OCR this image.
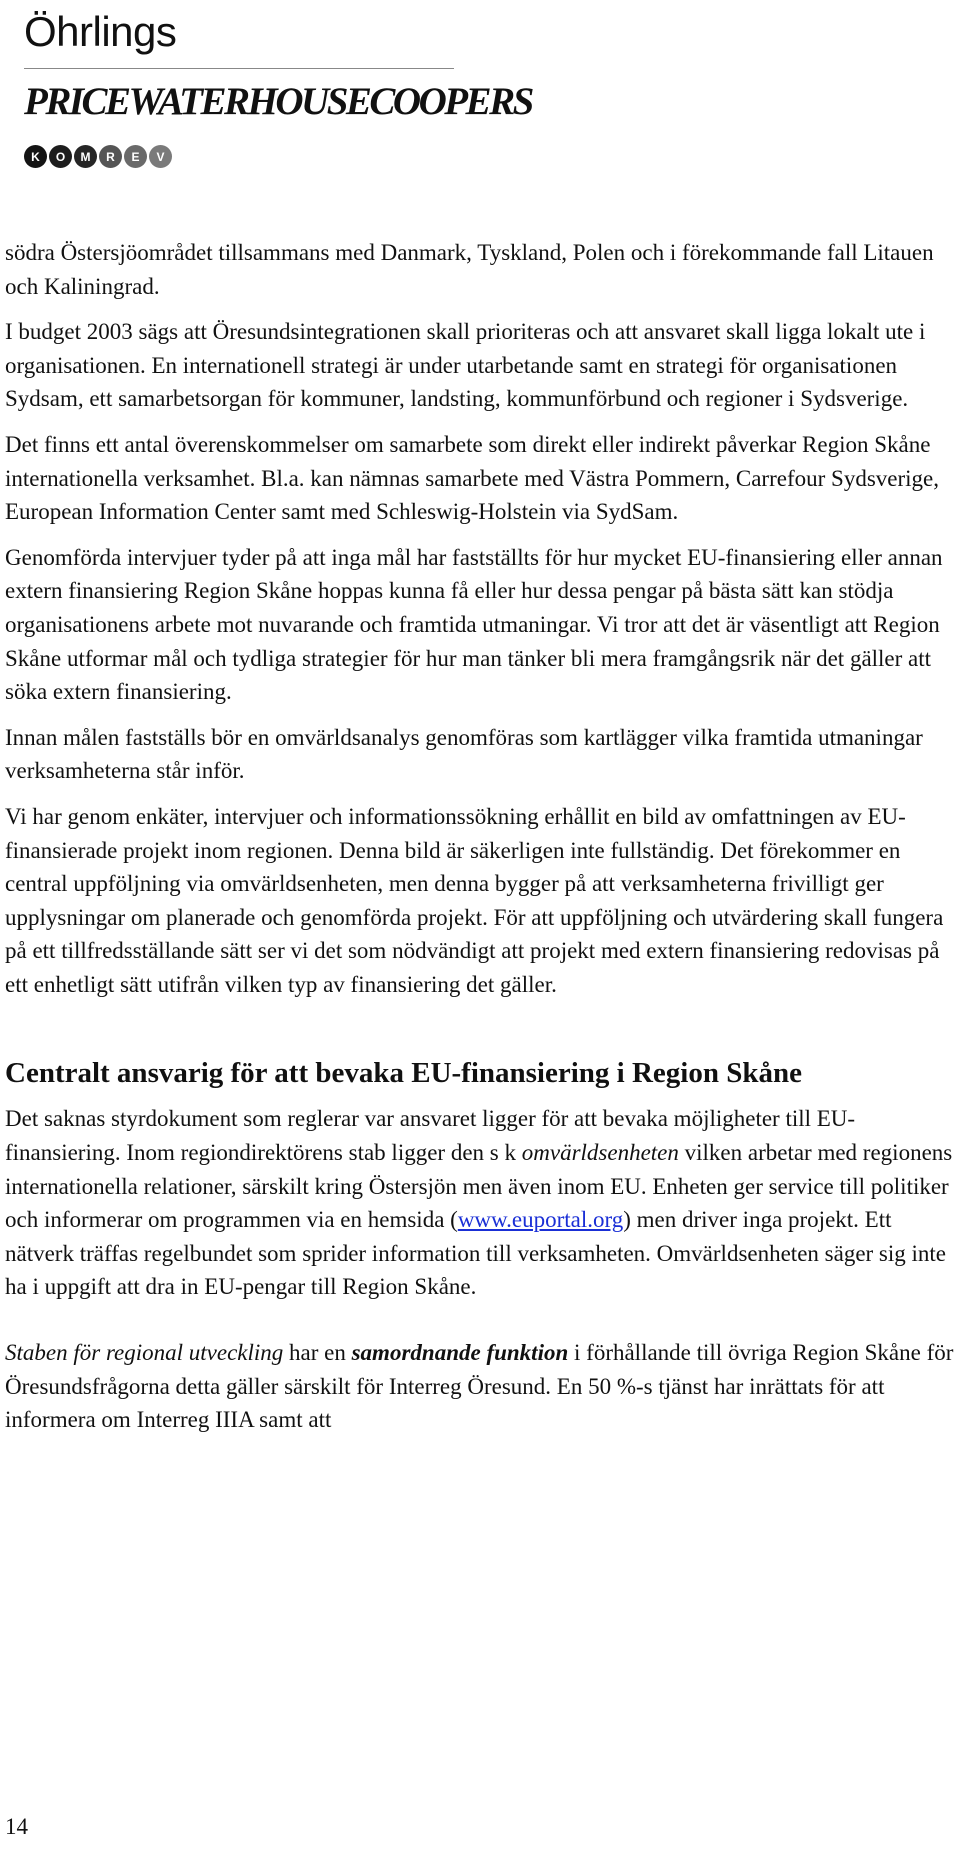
Öhrlings
PRICEWATERHOUSECOOPERS
K	O	M	R	E	V

södra Östersjöområdet tillsammans med Danmark, Tyskland, Polen och i förekommande fall Litauen och Kaliningrad.

I budget 2003 sägs att Öresundsintegrationen skall prioriteras och att ansvaret skall ligga lokalt ute i organisationen. En internationell strategi är under utarbetande samt en strategi för organisationen Sydsam, ett samarbetsorgan för kommuner, landsting, kommunförbund och regioner i Sydsverige.

Det finns ett antal överenskommelser om samarbete som direkt eller indirekt påverkar Region Skåne internationella verksamhet. Bl.a. kan nämnas samarbete med Västra Pommern, Carrefour Sydsverige, European Information Center samt med Schleswig-Holstein via SydSam.

Genomförda intervjuer tyder på att inga mål har fastställts för hur mycket EU-finansiering eller annan extern finansiering Region Skåne hoppas kunna få eller hur dessa pengar på bästa sätt kan stödja organisationens arbete mot nuvarande och framtida utmaningar. Vi tror att det är väsentligt att Region Skåne utformar mål och tydliga strategier för hur man tänker bli mera framgångsrik när det gäller att söka extern finansiering.

Innan målen fastställs bör en omvärldsanalys genomföras som kartlägger vilka framtida utmaningar verksamheterna står inför.

Vi har genom enkäter, intervjuer och informationssökning erhållit en bild av omfattningen av EU-finansierade projekt inom regionen. Denna bild är säkerligen inte fullständig. Det förekommer en central uppföljning via omvärldsenheten, men denna bygger på att verksamheterna frivilligt ger upplysningar om planerade och genomförda projekt. För att uppföljning och utvärdering skall fungera på ett tillfredsställande sätt ser vi det som nödvändigt att projekt med extern finansiering redovisas på ett enhetligt sätt utifrån vilken typ av finansiering det gäller.

Centralt ansvarig för att bevaka EU-finansiering i Region Skåne

Det saknas styrdokument som reglerar var ansvaret ligger för att bevaka möjligheter till EU-finansiering. Inom regiondirektörens stab ligger den s k omvärldsenheten vilken arbetar med regionens internationella relationer, särskilt kring Östersjön men även inom EU. Enheten ger service till politiker och informerar om programmen via en hemsida (www.euportal.org) men driver inga projekt. Ett nätverk träffas regelbundet som sprider information till verksamheten. Omvärldsenheten säger sig inte ha i uppgift att dra in EU-pengar till Region Skåne.

Staben för regional utveckling har en samordnande funktion i förhållande till övriga Region Skåne för Öresundsfrågorna detta gäller särskilt för Interreg Öresund. En 50 %-s tjänst har inrättats för att informera om Interreg IIIA samt att

14
